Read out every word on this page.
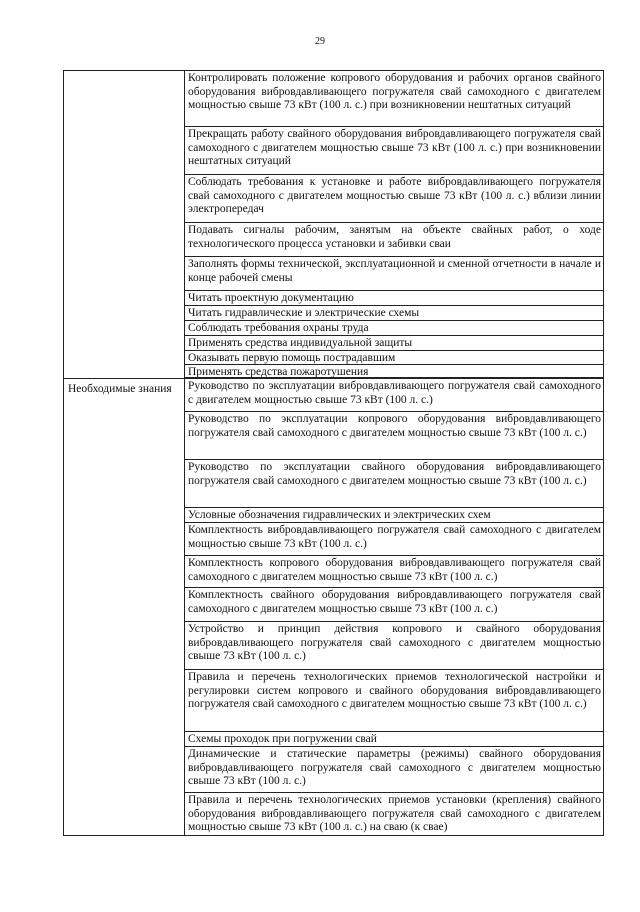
29
Необходимые знания
Контролировать положение копрового оборудования и рабочих органов свайного оборудования вибровдавливающего погружателя свай самоходного с двигателем мощностью свыше 73 кВт (100 л. с.) при возникновении нештатных ситуаций
Прекращать работу свайного оборудования вибровдавливающего погружателя свай самоходного с двигателем мощностью свыше 73 кВт (100 л. с.) при возникновении нештатных ситуаций
Соблюдать требования к установке и работе вибровдавливающего погружателя свай самоходного с двигателем мощностью свыше 73 кВт (100 л. с.) вблизи линии электропередач
Подавать сигналы рабочим, занятым на объекте свайных работ, о ходе технологического процесса установки и забивки сваи
Заполнять формы технической, эксплуатационной и сменной отчетности в начале и конце рабочей смены
Читать проектную документацию
Читать гидравлические и электрические схемы
Соблюдать требования охраны труда
Применять средства индивидуальной защиты
Оказывать первую помощь пострадавшим
Применять средства пожаротушения
Руководство по эксплуатации вибровдавливающего погружателя свай самоходного с двигателем мощностью свыше 73 кВт (100 л. с.)
Руководство по эксплуатации копрового оборудования вибровдавливающего погружателя свай самоходного с двигателем мощностью свыше 73 кВт (100 л. с.)
Руководство по эксплуатации свайного оборудования вибровдавливающего погружателя свай самоходного с двигателем мощностью свыше 73 кВт (100 л. с.)
Условные обозначения гидравлических и электрических схем
Комплектность вибровдавливающего погружателя свай самоходного с двигателем мощностью свыше 73 кВт (100 л. с.)
Комплектность копрового оборудования вибровдавливающего погружателя свай самоходного с двигателем мощностью свыше 73 кВт (100 л. с.)
Комплектность свайного оборудования вибровдавливающего погружателя свай самоходного с двигателем мощностью свыше 73 кВт (100 л. с.)
Устройство и принцип действия копрового и свайного оборудования вибровдавливающего погружателя свай самоходного с двигателем мощностью свыше 73 кВт (100 л. с.)
Правила и перечень технологических приемов технологической настройки и регулировки систем копрового и свайного оборудования вибровдавливающего погружателя свай самоходного с двигателем мощностью свыше 73 кВт (100 л. с.)
Схемы проходок при погружении свай
Динамические и статические параметры (режимы) свайного оборудования вибровдавливающего погружателя свай самоходного с двигателем мощностью свыше 73 кВт (100 л. с.)
Правила и перечень технологических приемов установки (крепления) свайного оборудования вибровдавливающего погружателя свай самоходного с двигателем мощностью свыше 73 кВт (100 л. с.) на сваю (к свае)
